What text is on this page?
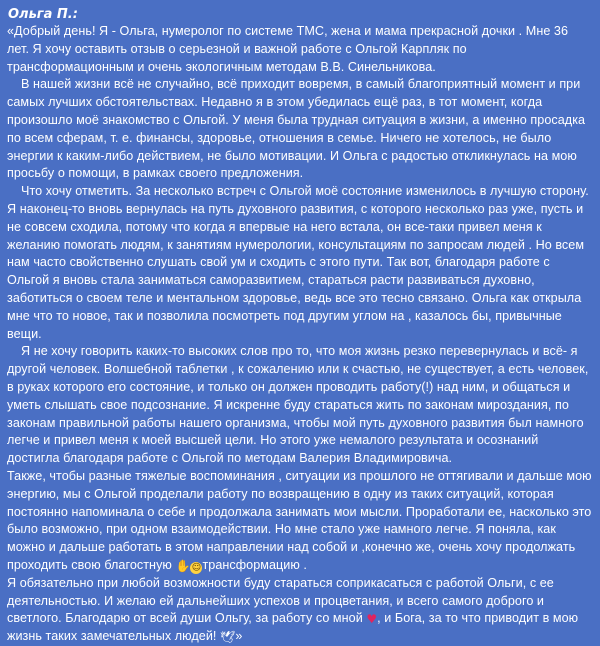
Ольга П.:

«Добрый день! Я - Ольга, нумеролог по системе ТМС, жена и мама прекрасной дочки . Мне 36 лет. Я хочу оставить отзыв о серьезной и важной работе с Ольгой Карпляк по трансформационным и очень экологичным методам В.В. Синельникова.

В нашей жизни всё не случайно, всё приходит вовремя, в самый благоприятный момент и при самых лучших обстоятельствах. Недавно я в этом убедилась ещё раз, в тот момент, когда произошло моё знакомство с Ольгой. У меня была трудная ситуация в жизни, а именно просадка по всем сферам, т. е. финансы, здоровье, отношения в семье. Ничего не хотелось, не было энергии к каким-либо действием, не было мотивации. И Ольга с радостью откликнулась на мою просьбу о помощи, в рамках своего предложения.

Что хочу отметить. За несколько встреч с Ольгой моё состояние изменилось в лучшую сторону. Я наконец-то вновь вернулась на путь духовного развития, с которого несколько раз уже, пусть и не совсем сходила, потому что когда я впервые на него встала, он все-таки привел меня к желанию помогать людям, к занятиям нумерологии, консультациям по запросам людей . Но всем нам часто свойственно слушать свой ум и сходить с этого пути. Так вот, благодаря работе с Ольгой я вновь стала заниматься саморазвитием, стараться расти развиваться духовно, заботиться о своем теле и ментальном здоровье, ведь все это тесно связано. Ольга как открыла мне что то новое, так и позволила посмотреть под другим углом на , казалось бы, привычные вещи.

Я не хочу говорить каких-то высоких слов про то, что моя жизнь резко перевернулась и всё- я другой человек. Волшебной таблетки , к сожалению или к счастью, не существует, а есть человек, в руках которого его состояние, и только он должен проводить работу(!) над ним, и общаться и уметь слышать свое подсознание. Я искренне буду стараться жить по законам мироздания, по законам правильной работы нашего организма, чтобы мой путь духовного развития был намного легче и привел меня к моей высшей цели. Но этого уже немалого результата и осознаний достигла благодаря работе с Ольгой по методам Валерия Владимировича.

Также, чтобы разные тяжелые воспоминания , ситуации из прошлого не оттягивали и дальше мою энергию, мы с Ольгой проделали работу по возвращению в одну из таких ситуаций, которая постоянно напоминала о себе и продолжала занимать мои мысли. Проработали ее, насколько это было возможно, при одном взаимодействии. Но мне стало уже намного легче. Я поняла, как можно и дальше работать в этом направлении над собой и ,конечно же, очень хочу продолжать проходить свою благостную ✋☺трансформацию .

Я обязательно при любой возможности буду стараться соприкасаться с работой Ольги, с ее деятельностью. И желаю ей дальнейших успехов и процветания, и всего самого доброго и светлого. Благодарю от всей души Ольгу, за работу со мной ♥, и Бога, за то что приводит в мою жизнь таких замечательных людей! 🕊»
